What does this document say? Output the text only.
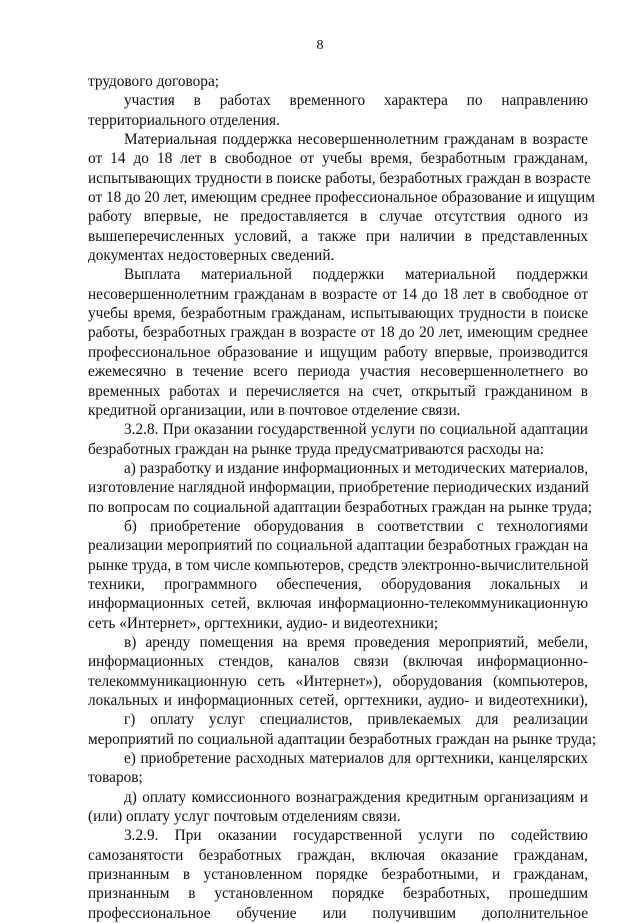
8
трудового договора;
участия в работах временного характера по направлению
территориального отделения.
Материальная поддержка несовершеннолетним гражданам в возрасте
от 14 до 18 лет в свободное от учебы время, безработным гражданам,
испытывающих трудности в поиске работы, безработных граждан в возрасте
от 18 до 20 лет, имеющим среднее профессиональное образование и ищущим
работу впервые, не предоставляется в случае отсутствия одного из
вышеперечисленных условий, а также при наличии в представленных
документах недостоверных сведений.
Выплата материальной поддержки материальной поддержки
несовершеннолетним гражданам в возрасте от 14 до 18 лет в свободное от
учебы время, безработным гражданам, испытывающих трудности в поиске
работы, безработных граждан в возрасте от 18 до 20 лет, имеющим среднее
профессиональное образование и ищущим работу впервые, производится
ежемесячно в течение всего периода участия несовершеннолетнего во
временных работах и перечисляется на счет, открытый гражданином в
кредитной организации, или в почтовое отделение связи.
3.2.8. При оказании государственной услуги по социальной адаптации
безработных граждан на рынке труда предусматриваются расходы на:
а) разработку и издание информационных и методических материалов,
изготовление наглядной информации, приобретение периодических изданий
по вопросам по социальной адаптации безработных граждан на рынке труда;
б) приобретение оборудования в соответствии с технологиями
реализации мероприятий по социальной адаптации безработных граждан на
рынке труда, в том числе компьютеров, средств электронно-вычислительной
техники, программного обеспечения, оборудования локальных и
информационных сетей, включая информационно-телекоммуникационную
сеть «Интернет», оргтехники, аудио- и видеотехники;
в) аренду помещения на время проведения мероприятий, мебели,
информационных стендов, каналов связи (включая информационно-
телекоммуникационную сеть «Интернет»), оборудования (компьютеров,
локальных и информационных сетей, оргтехники, аудио- и видеотехники),
г) оплату услуг специалистов, привлекаемых для реализации
мероприятий по социальной адаптации безработных граждан на рынке труда;
е) приобретение расходных материалов для оргтехники, канцелярских
товаров;
д) оплату комиссионного вознаграждения кредитным организациям и
(или) оплату услуг почтовым отделениям связи.
3.2.9. При оказании государственной услуги по содействию
самозанятости безработных граждан, включая оказание гражданам,
признанным в установленном порядке безработными, и гражданам,
признанным в установленном порядке безработных, прошедшим
профессиональное обучение или получившим дополнительное
